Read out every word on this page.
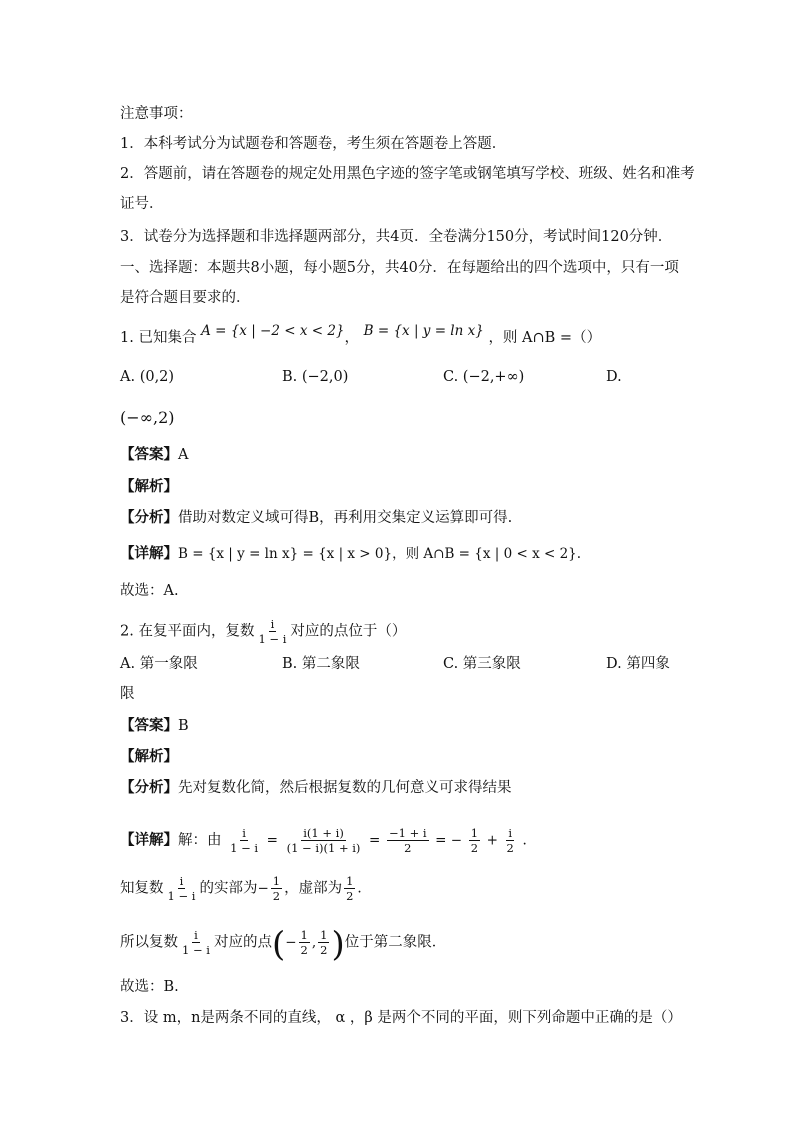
注意事项：
1．本科考试分为试题卷和答题卷，考生须在答题卷上答题．
2．答题前，请在答题卷的规定处用黑色字迹的签字笔或钢笔填写学校、班级、姓名和准考
证号．
3．试卷分为选择题和非选择题两部分，共4页．全卷满分150分，考试时间120分钟．
一、选择题：本题共8小题，每小题5分，共40分．在每题给出的四个选项中，只有一项
是符合题目要求的．
1. 已知集合 A = {x | −2 < x < 2}， B = {x | y = ln x} ，则 A∩B =（）
A. (0,2)	B. (−2,0)	C. (−2,+∞)	D.
(−∞,2)
【答案】A
【解析】
【分析】借助对数定义域可得B，再利用交集定义运算即可得.
【详解】B = {x | y = ln x} = {x | x > 0}，则 A∩B = {x | 0 < x < 2}.
故选：A.
2. 在复平面内，复数 $\frac{i}{1 - i}$ 对应的点位于（）
A. 第一象限	B. 第二象限	C. 第三象限	D. 第四象
限
【答案】B
【解析】
【分析】先对复数化简，然后根据复数的几何意义可求得结果
【详解】解：由 $\frac{i}{1 - i} = \frac{i(1 + i)}{(1 - i)(1 + i)} = \frac{-1 + i}{2}$ = − $\frac{1}{2} + \frac{i}{2}$ .
知复数 $\frac{i}{1 - i}$ 的实部为− $\frac{1}{2}$ ，虚部为 $\frac{1}{2}$ .
所以复数 $\frac{i}{1 - i}$ 对应的点(− $\frac{1}{2}$ , $\frac{1}{2}$ )位于第二象限．
故选：B.
3．设 m，n是两条不同的直线， α ，β 是两个不同的平面，则下列命题中正确的是（）
